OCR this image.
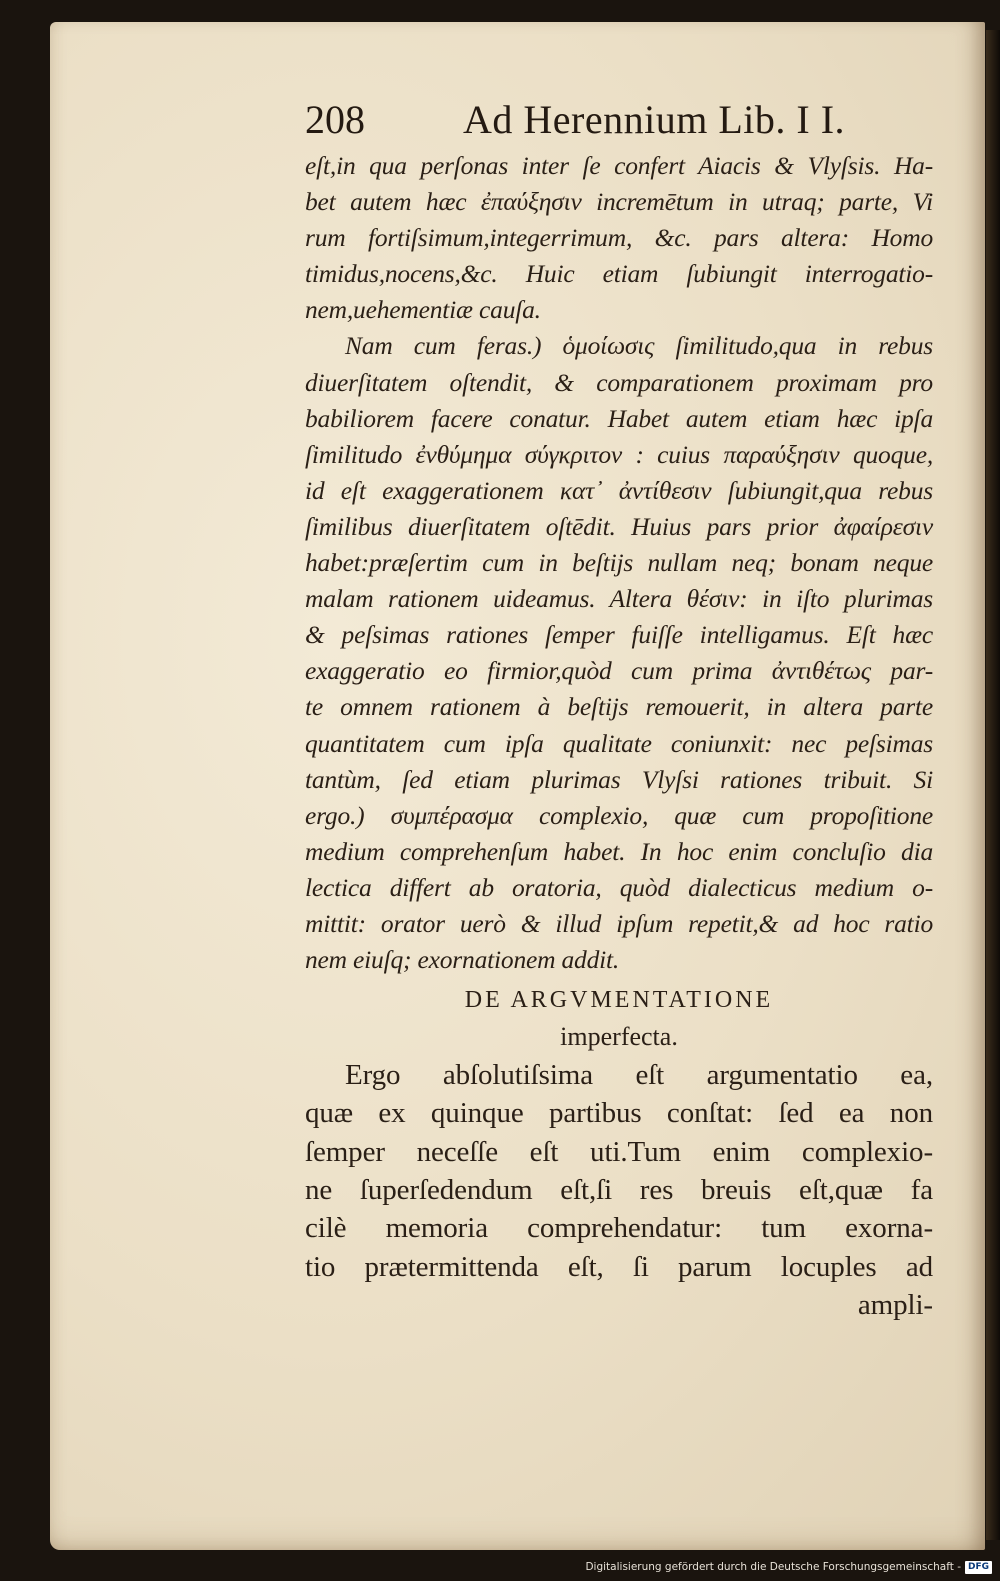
208 Ad Herennium Lib. I I.
eſt,in qua perſonas inter ſe confert Aiacis & Vlyſsis. Ha-
bet autem hæc ἐπαύξησιν incremētum in utraq; parte, Vi
rum fortiſsimum,integerrimum, &c. pars altera: Homo
timidus,nocens,&c. Huic etiam ſubiungit interrogatio-
nem,uehementiæ cauſa.
Nam cum feras.) ὁμοίωσις ſimilitudo,qua in rebus
diuerſitatem oſtendit, & comparationem proximam pro
babiliorem facere conatur. Habet autem etiam hæc ipſa
ſimilitudo ἐνθύμημα σύγκριτον : cuius παραύξησιν quoque,
id eſt exaggerationem κατ᾽ ἀντίθεσιν ſubiungit,qua rebus
ſimilibus diuerſitatem oſtēdit. Huius pars prior ἀφαίρεσιν
habet:præſertim cum in beſtijs nullam neq; bonam neque
malam rationem uideamus. Altera θέσιν: in iſto plurimas
& peſsimas rationes ſemper fuiſſe intelligamus. Eſt hæc
exaggeratio eo firmior,quòd cum prima ἀντιθέτως par-
te omnem rationem à beſtijs remouerit, in altera parte
quantitatem cum ipſa qualitate coniunxit: nec peſsimas
tantùm, ſed etiam plurimas Vlyſsi rationes tribuit. Si
ergo.) συμπέρασμα complexio, quæ cum propoſitione
medium comprehenſum habet. In hoc enim concluſio dia
lectica differt ab oratoria, quòd dialecticus medium o-
mittit: orator uerò & illud ipſum repetit,& ad hoc ratio
nem eiuſq; exornationem addit.
DE ARGVMENTATIONE
imperfecta.
Ergo abſolutiſsima eſt argumentatio ea,
quæ ex quinque partibus conſtat: ſed ea non
ſemper neceſſe eſt uti.Tum enim complexio-
ne ſuperſedendum eſt,ſi res breuis eſt,quæ fa
cilè memoria comprehendatur: tum exorna-
tio prætermittenda eſt, ſi parum locuples ad
ampli-
Digitalisierung gefördert durch die Deutsche Forschungsgemeinschaft - DFG
